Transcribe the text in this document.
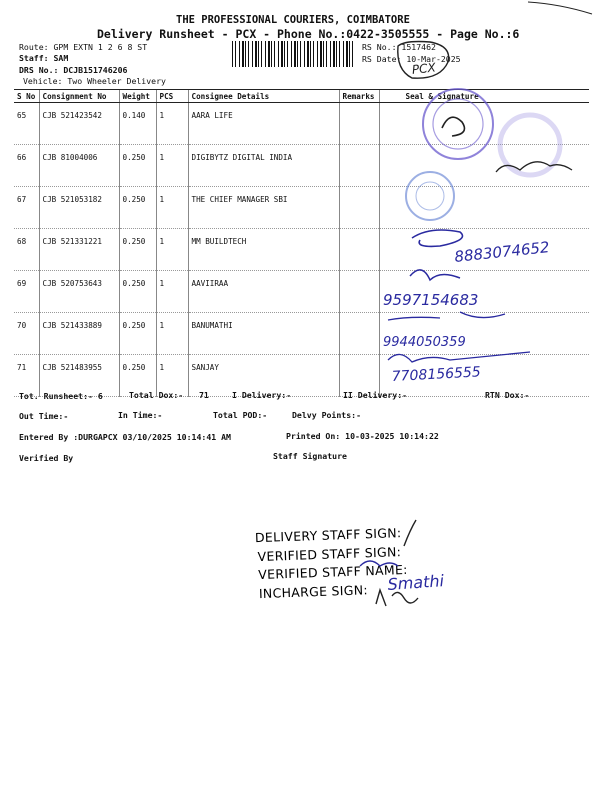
THE PROFESSIONAL COURIERS, COIMBATORE
Delivery Runsheet - PCX - Phone No.:0422-3505555 - Page No.:6
Route: GPM EXTN 1 2 6 8 ST
Staff: SAM
DRS No.: DCJB151746206
Vehicle: Two Wheeler Delivery
RS No.: 1517462
RS Date: 10-Mar-2025
S No	Consignment No	Weight	PCS	Consignee Details	Remarks	Seal & Signature
65	CJB 521423542	0.140	1	AARA LIFE		
66	CJB 81004006	0.250	1	DIGIBYTZ DIGITAL INDIA		
67	CJB 521053182	0.250	1	THE CHIEF MANAGER SBI		
68	CJB 521331221	0.250	1	MM BUILDTECH		
69	CJB 520753643	0.250	1	AAVIIRAA		
70	CJB 521433889	0.250	1	BANUMATHI		
71	CJB 521483955	0.250	1	SANJAY		
Tot. Runsheet:- 6	Total Dox:- 71	I Delivery:-	II Delivery:-	RTN Dox:-
Out Time:-	In Time:-	Total POD:-	Delvy Points:-
Entered By :DURGAPCX 03/10/2025 10:14:41 AM	Printed On: 10-03-2025 10:14:22
Verified By	Staff Signature
PCX
8883074652
9597154683
9944050359
7708156555
DELIVERY STAFF SIGN:
VERIFIED STAFF SIGN:
VERIFIED STAFF NAME:
INCHARGE SIGN: Smathi
